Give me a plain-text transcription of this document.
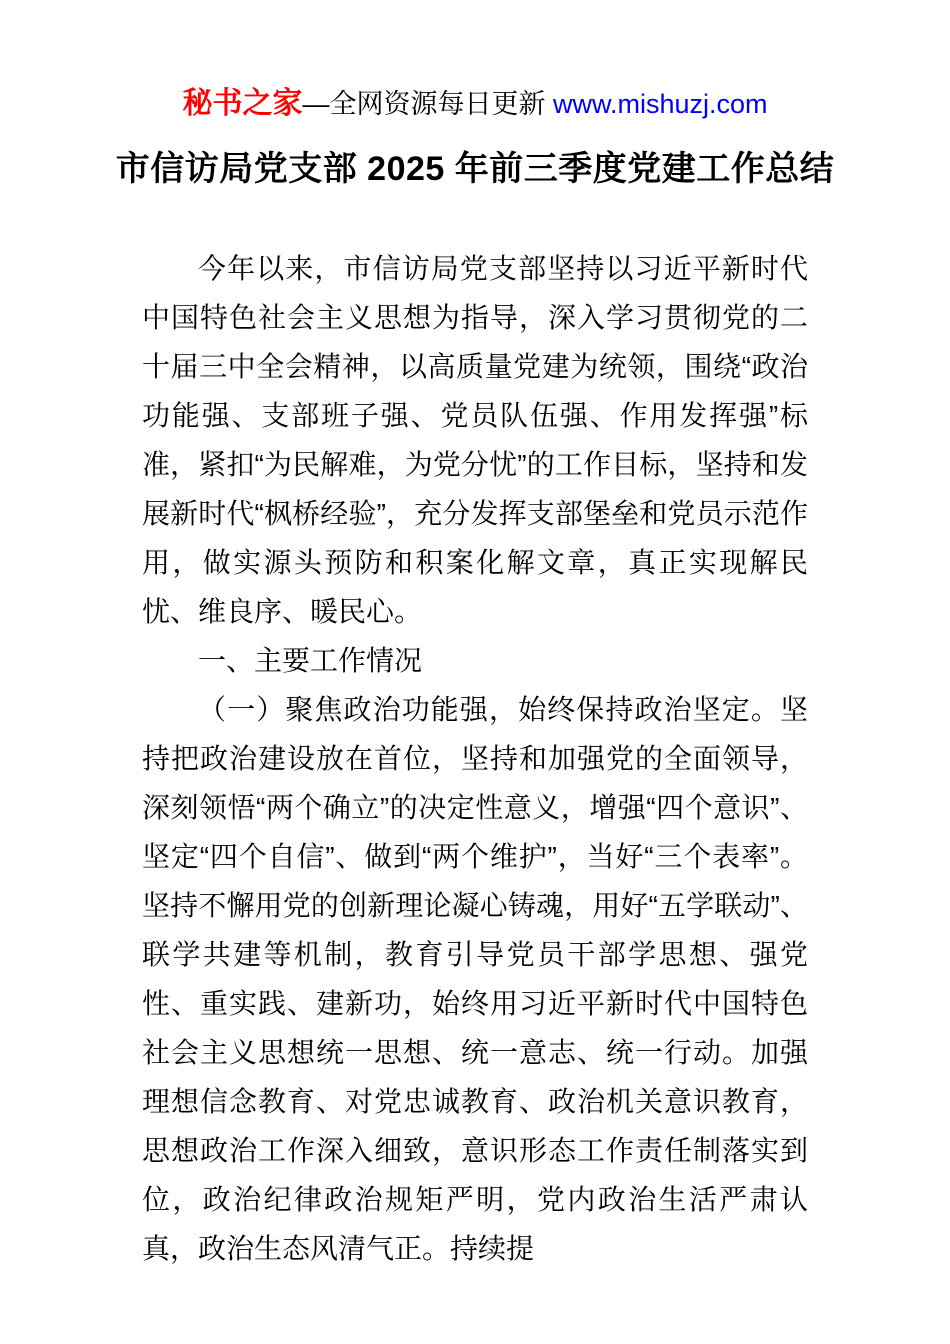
秘书之家—全网资源每日更新 www.mishuzj.com
市信访局党支部 2025 年前三季度党建工作总结

今年以来，市信访局党支部坚持以习近平新时代中国特色社会主义思想为指导，深入学习贯彻党的二十届三中全会精神，以高质量党建为统领，围绕“政治功能强、支部班子强、党员队伍强、作用发挥强”标准，紧扣“为民解难，为党分忧”的工作目标，坚持和发展新时代“枫桥经验”，充分发挥支部堡垒和党员示范作用，做实源头预防和积案化解文章，真正实现解民忧、维良序、暖民心。

一、主要工作情况

（一）聚焦政治功能强，始终保持政治坚定。坚持把政治建设放在首位，坚持和加强党的全面领导，深刻领悟“两个确立”的决定性意义，增强“四个意识”、坚定“四个自信”、做到“两个维护”，当好“三个表率”。坚持不懈用党的创新理论凝心铸魂，用好“五学联动”、联学共建等机制，教育引导党员干部学思想、强党性、重实践、建新功，始终用习近平新时代中国特色社会主义思想统一思想、统一意志、统一行动。加强理想信念教育、对党忠诚教育、政治机关意识教育，思想政治工作深入细致，意识形态工作责任制落实到位，政治纪律政治规矩严明，党内政治生活严肃认真，政治生态风清气正。持续提
